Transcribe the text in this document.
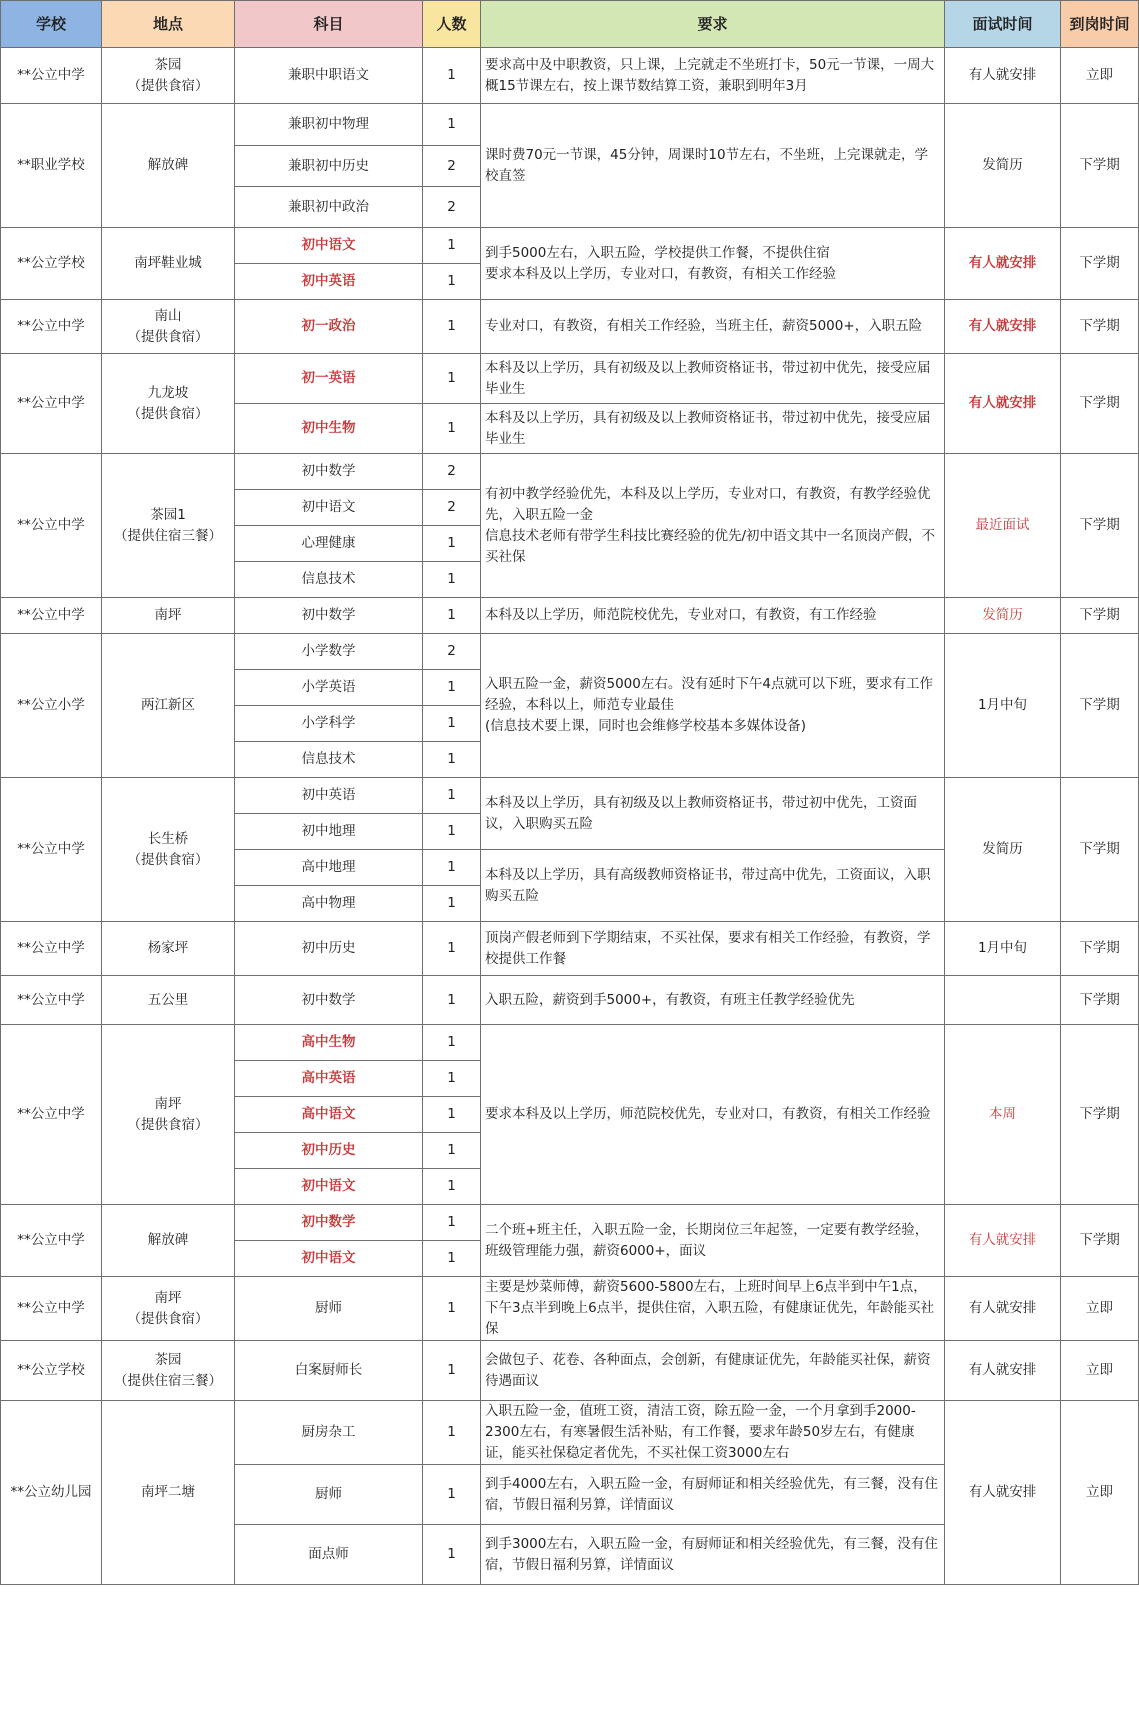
学校	地点	科目	人数	要求	面试时间	到岗时间
**公立中学	茶园
（提供食宿）	兼职中职语文	1	要求高中及中职教资，只上课，上完就走不坐班打卡，50元一节课，一周大概15节课左右，按上课节数结算工资，兼职到明年3月	有人就安排	立即
**职业学校	解放碑	兼职初中物理	1	课时费70元一节课，45分钟，周课时10节左右，不坐班，上完课就走，学校直签	发简历	下学期
		兼职初中历史	2			
		兼职初中政治	2			
**公立学校	南坪鞋业城	初中语文	1	到手5000左右，入职五险，学校提供工作餐，不提供住宿
要求本科及以上学历，专业对口，有教资，有相关工作经验	有人就安排	下学期
		初中英语	1			
**公立中学	南山
（提供食宿）	初一政治	1	专业对口，有教资，有相关工作经验，当班主任，薪资5000+，入职五险	有人就安排	下学期
**公立中学	九龙坡
（提供食宿）	初一英语	1	本科及以上学历，具有初级及以上教师资格证书，带过初中优先，接受应届毕业生	有人就安排	下学期
		初中生物	1	本科及以上学历，具有初级及以上教师资格证书，带过初中优先，接受应届毕业生		
**公立中学	茶园1
（提供住宿三餐）	初中数学	2	有初中教学经验优先，本科及以上学历，专业对口，有教资，有教学经验优先，入职五险一金
信息技术老师有带学生科技比赛经验的优先/初中语文其中一名顶岗产假，不买社保	最近面试	下学期
		初中语文	2			
		心理健康	1			
		信息技术	1			
**公立中学	南坪	初中数学	1	本科及以上学历，师范院校优先，专业对口，有教资，有工作经验	发简历	下学期
**公立小学	两江新区	小学数学	2	入职五险一金，薪资5000左右。没有延时下午4点就可以下班，要求有工作经验，本科以上，师范专业最佳
(信息技术要上课，同时也会维修学校基本多媒体设备)	1月中旬	下学期
		小学英语	1			
		小学科学	1			
		信息技术	1			
**公立中学	长生桥
（提供食宿）	初中英语	1	本科及以上学历，具有初级及以上教师资格证书，带过初中优先，工资面议，入职购买五险	发简历	下学期
		初中地理	1			
		高中地理	1	本科及以上学历，具有高级教师资格证书，带过高中优先，工资面议，入职购买五险		
		高中物理	1			
**公立中学	杨家坪	初中历史	1	顶岗产假老师到下学期结束，不买社保，要求有相关工作经验，有教资，学校提供工作餐	1月中旬	下学期
**公立中学	五公里	初中数学	1	入职五险，薪资到手5000+，有教资，有班主任教学经验优先		下学期
**公立中学	南坪
（提供食宿）	高中生物	1	要求本科及以上学历，师范院校优先，专业对口，有教资，有相关工作经验	本周	下学期
		高中英语	1			
		高中语文	1			
		初中历史	1			
		初中语文	1			
**公立中学	解放碑	初中数学	1	二个班+班主任，入职五险一金，长期岗位三年起签，一定要有教学经验，班级管理能力强，薪资6000+，面议	有人就安排	下学期
		初中语文	1			
**公立中学	南坪
（提供食宿）	厨师	1	主要是炒菜师傅，薪资5600-5800左右，上班时间早上6点半到中午1点，下午3点半到晚上6点半，提供住宿，入职五险，有健康证优先，年龄能买社保	有人就安排	立即
**公立学校	茶园
（提供住宿三餐）	白案厨师长	1	会做包子、花卷、各种面点，会创新，有健康证优先，年龄能买社保，薪资待遇面议	有人就安排	立即
**公立幼儿园	南坪二塘	厨房杂工	1	入职五险一金，值班工资，清洁工资，除五险一金，一个月拿到手2000-2300左右，有寒暑假生活补贴，有工作餐，要求年龄50岁左右，有健康证，能买社保稳定者优先，不买社保工资3000左右	有人就安排	立即
		厨师	1	到手4000左右，入职五险一金，有厨师证和相关经验优先，有三餐，没有住宿，节假日福利另算，详情面议		
		面点师	1	到手3000左右，入职五险一金，有厨师证和相关经验优先，有三餐，没有住宿，节假日福利另算，详情面议		
